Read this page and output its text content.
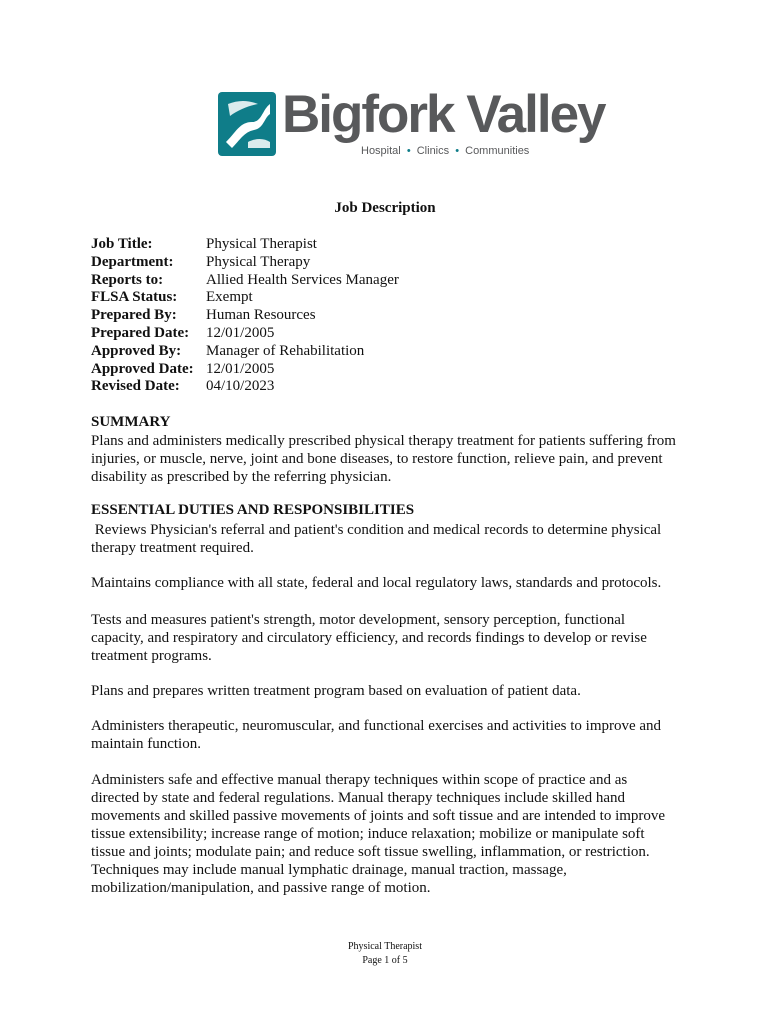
Bigfork Valley
Hospital • Clinics • Communities
Job Description
Job Title:	Physical Therapist
Department:	Physical Therapy
Reports to:	Allied Health Services Manager
FLSA Status:	Exempt
Prepared By:	Human Resources
Prepared Date:	12/01/2005
Approved By:	Manager of Rehabilitation
Approved Date: 12/01/2005
Revised Date:	04/10/2023
SUMMARY

Plans and administers medically prescribed physical therapy treatment for patients suffering from injuries, or muscle, nerve, joint and bone diseases, to restore function, relieve pain, and prevent disability as prescribed by the referring physician.

ESSENTIAL DUTIES AND RESPONSIBILITIES

Reviews Physician's referral and patient's condition and medical records to determine physical therapy treatment required.

Maintains compliance with all state, federal and local regulatory laws, standards and protocols.

Tests and measures patient's strength, motor development, sensory perception, functional capacity, and respiratory and circulatory efficiency, and records findings to develop or revise treatment programs.

Plans and prepares written treatment program based on evaluation of patient data.

Administers therapeutic, neuromuscular, and functional exercises and activities to improve and maintain function.

Administers safe and effective manual therapy techniques within scope of practice and as directed by state and federal regulations. Manual therapy techniques include skilled hand movements and skilled passive movements of joints and soft tissue and are intended to improve tissue extensibility; increase range of motion; induce relaxation; mobilize or manipulate soft tissue and joints; modulate pain; and reduce soft tissue swelling, inflammation, or restriction. Techniques may include manual lymphatic drainage, manual traction, massage, mobilization/manipulation, and passive range of motion.

Physical Therapist
Page 1 of 5
